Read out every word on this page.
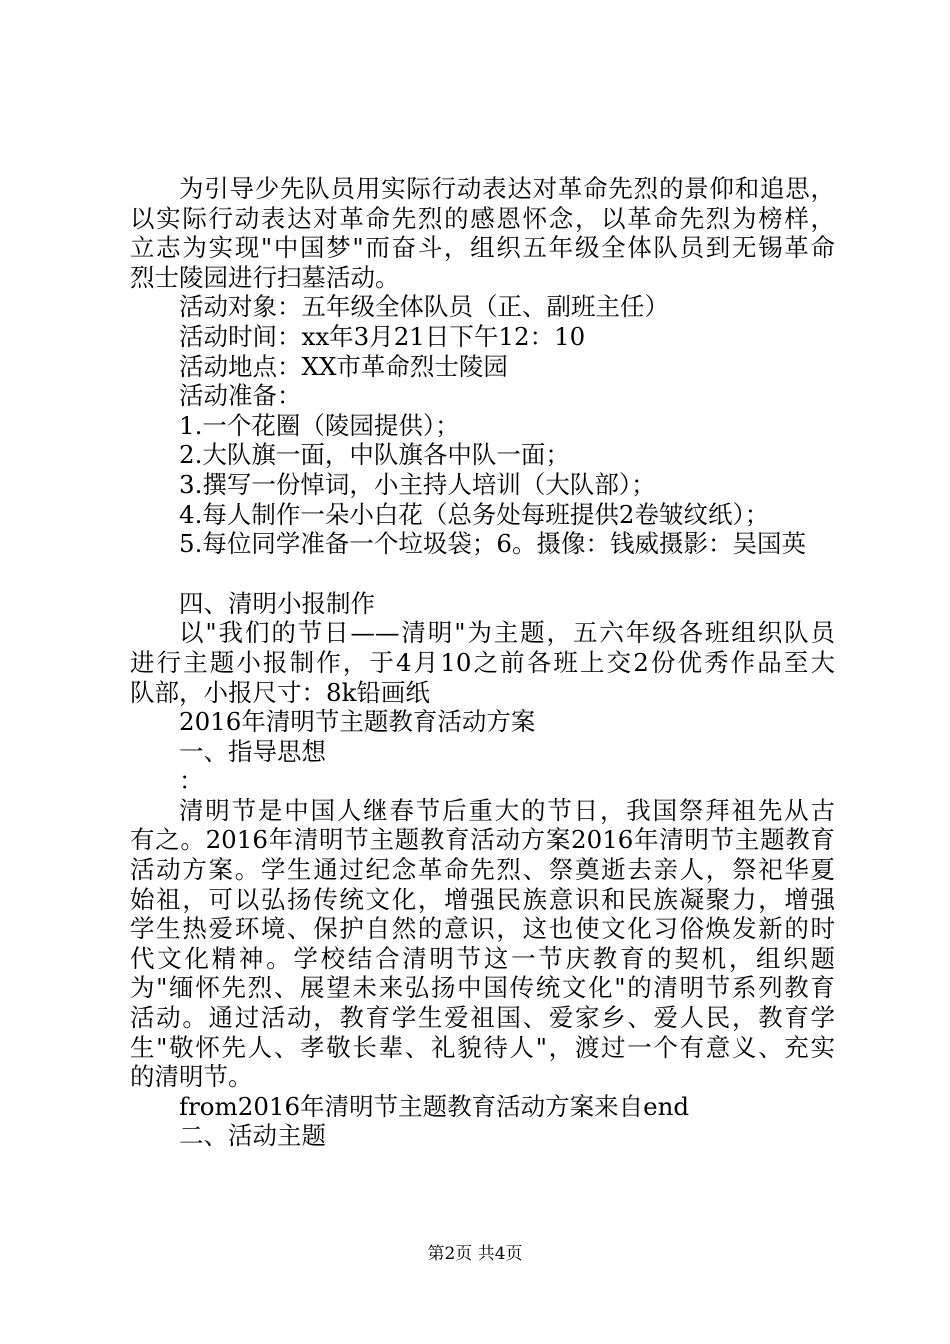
为引导少先队员用实际行动表达对革命先烈的景仰和追思，

以实际行动表达对革命先烈的感恩怀念，以革命先烈为榜样，

立志为实现"中国梦"而奋斗，组织五年级全体队员到无锡革命

烈士陵园进行扫墓活动。

活动对象：五年级全体队员（正、副班主任）

活动时间：xx年3月21日下午12：10

活动地点：XX市革命烈士陵园

活动准备：

1.一个花圈（陵园提供）；

2.大队旗一面，中队旗各中队一面；

3.撰写一份悼词，小主持人培训（大队部）；

4.每人制作一朵小白花（总务处每班提供2卷皱纹纸）；

5.每位同学准备一个垃圾袋；6。摄像：钱威摄影：吴国英

四、清明小报制作

以"我们的节日——清明"为主题，五六年级各班组织队员

进行主题小报制作，于4月10之前各班上交2份优秀作品至大

队部，小报尺寸：8k铅画纸

2016年清明节主题教育活动方案

一、指导思想

：

清明节是中国人继春节后重大的节日，我国祭拜祖先从古

有之。2016年清明节主题教育活动方案2016年清明节主题教育

活动方案。学生通过纪念革命先烈、祭奠逝去亲人，祭祀华夏

始祖，可以弘扬传统文化，增强民族意识和民族凝聚力，增强

学生热爱环境、保护自然的意识，这也使文化习俗焕发新的时

代文化精神。学校结合清明节这一节庆教育的契机，组织题

为"缅怀先烈、展望未来弘扬中国传统文化"的清明节系列教育

活动。通过活动，教育学生爱祖国、爱家乡、爱人民，教育学

生"敬怀先人、孝敬长辈、礼貌待人"，渡过一个有意义、充实

的清明节。

from2016年清明节主题教育活动方案来自end

二、活动主题

第2页 共4页
